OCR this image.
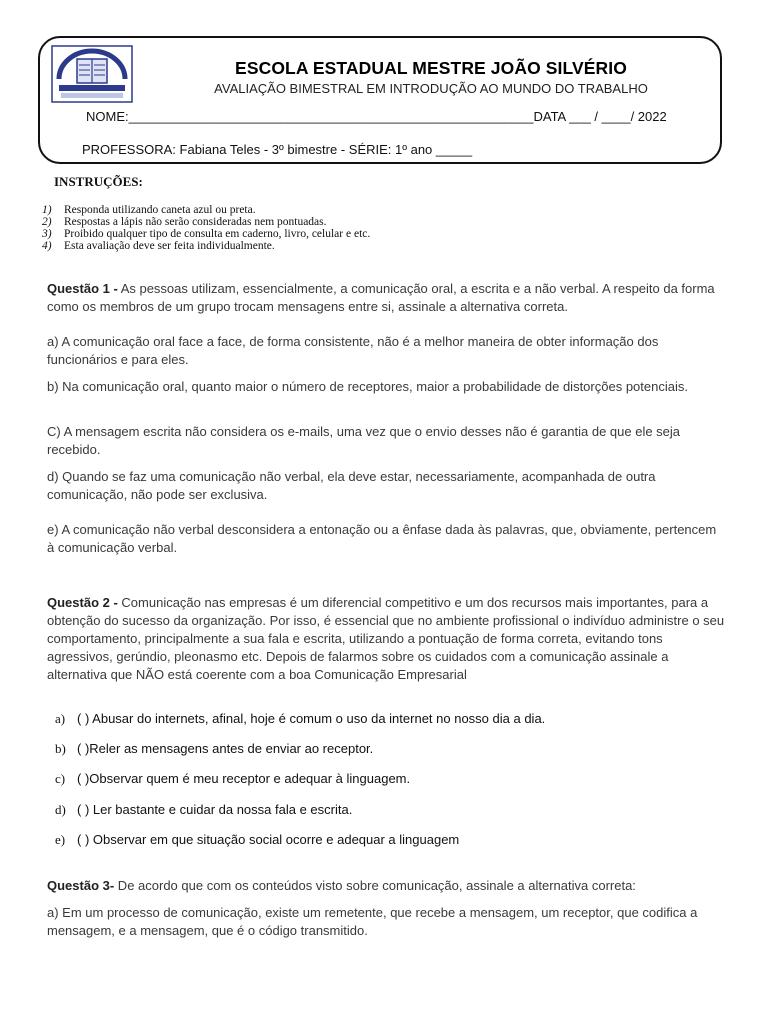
ESCOLA ESTADUAL MESTRE JOÃO SILVÉRIO
AVALIAÇÃO BIMESTRAL EM INTRODUÇÃO AO MUNDO DO TRABALHO
NOME:________________________________________________________DATA ___ / ____/ 2022
PROFESSORA: Fabiana Teles - 3º bimestre - SÉRIE: 1º ano _____
INSTRUÇÕES:
1) Responda utilizando caneta azul ou preta.
2) Respostas a lápis não serão consideradas nem pontuadas.
3) Proibido qualquer tipo de consulta em caderno, livro, celular e etc.
4) Esta avaliação deve ser feita individualmente.
Questão 1 - As pessoas utilizam, essencialmente, a comunicação oral, a escrita e a não verbal. A respeito da forma como os membros de um grupo trocam mensagens entre si, assinale a alternativa correta.
a) A comunicação oral face a face, de forma consistente, não é a melhor maneira de obter informação dos funcionários e para eles.
b) Na comunicação oral, quanto maior o número de receptores, maior a probabilidade de distorções potenciais.
C) A mensagem escrita não considera os e-mails, uma vez que o envio desses não é garantia de que ele seja recebido.
d) Quando se faz uma comunicação não verbal, ela deve estar, necessariamente, acompanhada de outra comunicação, não pode ser exclusiva.
e) A comunicação não verbal desconsidera a entonação ou a ênfase dada às palavras, que, obviamente, pertencem à comunicação verbal.
Questão 2 - Comunicação nas empresas é um diferencial competitivo e um dos recursos mais importantes, para a obtenção do sucesso da organização. Por isso, é essencial que no ambiente profissional o indivíduo administre o seu comportamento, principalmente a sua fala e escrita, utilizando a pontuação de forma correta, evitando tons agressivos, gerúndio, pleonasmo etc. Depois de falarmos sobre os cuidados com a comunicação assinale a alternativa que NÃO está coerente com a boa Comunicação Empresarial
a) ( ) Abusar do internets, afinal, hoje é comum o uso da internet no nosso dia a dia.
b) ( )Reler as mensagens antes de enviar ao receptor.
c) ( )Observar quem é meu receptor e adequar à linguagem.
d) ( ) Ler bastante e cuidar da nossa fala e escrita.
e) ( ) Observar em que situação social ocorre e adequar a linguagem
Questão 3- De acordo que com os conteúdos visto sobre comunicação, assinale a alternativa correta:
a) Em um processo de comunicação, existe um remetente, que recebe a mensagem, um receptor, que codifica a mensagem, e a mensagem, que é o código transmitido.
